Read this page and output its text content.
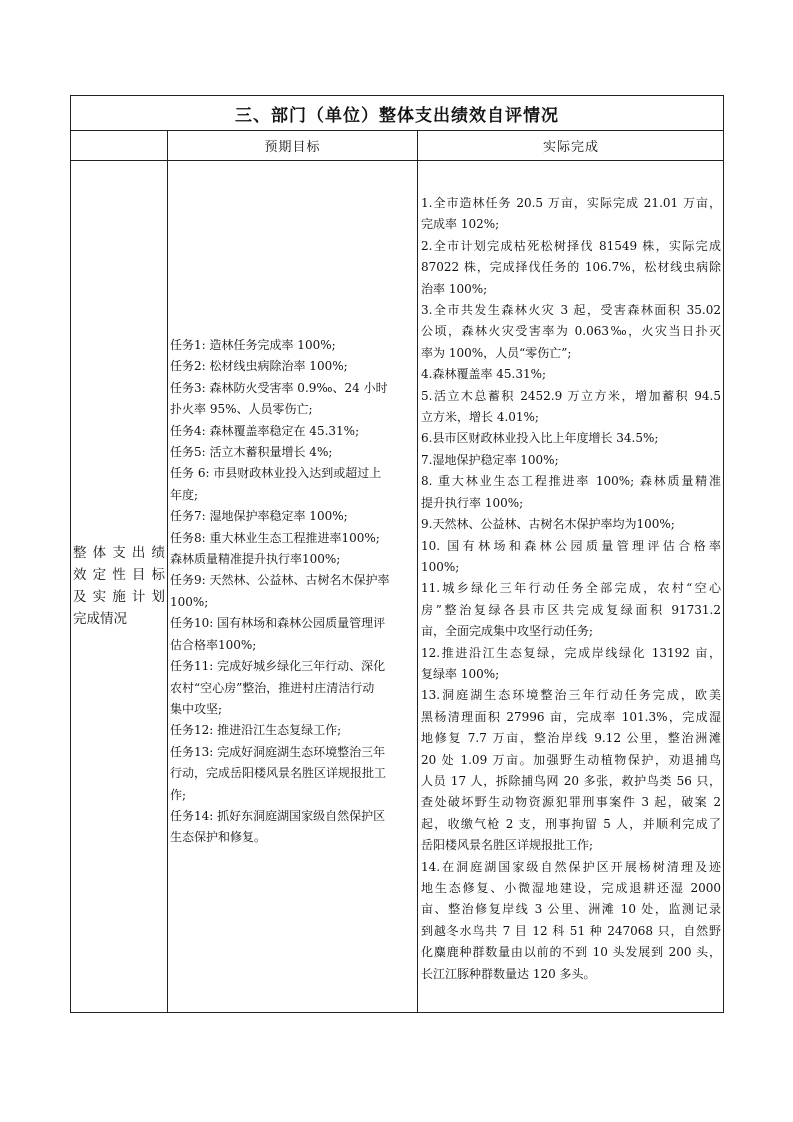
三、部门（单位）整体支出绩效自评情况
预期目标	实际完成
整体支出绩
效定性目标
及实施计划
完成情况
任务1: 造林任务完成率 100%;
任务2: 松材线虫病除治率 100%;
任务3: 森林防火受害率 0.9‰、24 小时
扑火率 95%、人员零伤亡;
任务4: 森林覆盖率稳定在 45.31%;
任务5: 活立木蓄积量增长 4%;
任务 6: 市县财政林业投入达到或超过上
年度;
任务7: 湿地保护率稳定率 100%;
任务8: 重大林业生态工程推进率100%;
森林质量精准提升执行率100%;
任务9: 天然林、公益林、古树名木保护率
100%;
任务10: 国有林场和森林公园质量管理评
估合格率100%;
任务11: 完成好城乡绿化三年行动、深化
农村“空心房”整治，推进村庄清洁行动
集中攻坚;
任务12: 推进沿江生态复绿工作;
任务13: 完成好洞庭湖生态环境整治三年
行动，完成岳阳楼风景名胜区详规报批工
作;
任务14: 抓好东洞庭湖国家级自然保护区
生态保护和修复。
1.全市造林任务 20.5 万亩，实际完成 21.01 万亩，
完成率 102%;
2.全市计划完成枯死松树择伐 81549 株，实际完成
87022 株，完成择伐任务的 106.7%，松材线虫病除
治率 100%;
3.全市共发生森林火灾 3 起，受害森林面积 35.02
公顷，森林火灾受害率为 0.063‰，火灾当日扑灭
率为 100%，人员“零伤亡”;
4.森林覆盖率 45.31%;
5.活立木总蓄积 2452.9 万立方米，增加蓄积 94.5
立方米，增长 4.01%;
6.县市区财政林业投入比上年度增长 34.5%;
7.湿地保护稳定率 100%;
8. 重大林业生态工程推进率 100%; 森林质量精准
提升执行率 100%;
9.天然林、公益林、古树名木保护率均为100%;
10. 国有林场和森林公园质量管理评估合格率
100%;
11.城乡绿化三年行动任务全部完成，农村“空心
房”整治复绿各县市区共完成复绿面积 91731.2
亩，全面完成集中攻坚行动任务;
12.推进沿江生态复绿，完成岸线绿化 13192 亩，
复绿率 100%;
13.洞庭湖生态环境整治三年行动任务完成，欧美
黑杨清理面积 27996 亩，完成率 101.3%，完成湿
地修复 7.7 万亩，整治岸线 9.12 公里，整治洲滩
20 处 1.09 万亩。加强野生动植物保护，劝退捕鸟
人员 17 人，拆除捕鸟网 20 多张，救护鸟类 56 只，
查处破坏野生动物资源犯罪刑事案件 3 起，破案 2
起，收缴气枪 2 支，刑事拘留 5 人，并顺利完成了
岳阳楼风景名胜区详规报批工作;
14.在洞庭湖国家级自然保护区开展杨树清理及迹
地生态修复、小微湿地建设，完成退耕还湿 2000
亩、整治修复岸线 3 公里、洲滩 10 处，监测记录
到越冬水鸟共 7 目 12 科 51 种 247068 只，自然野
化麋鹿种群数量由以前的不到 10 头发展到 200 头，
长江江豚种群数量达 120 多头。
